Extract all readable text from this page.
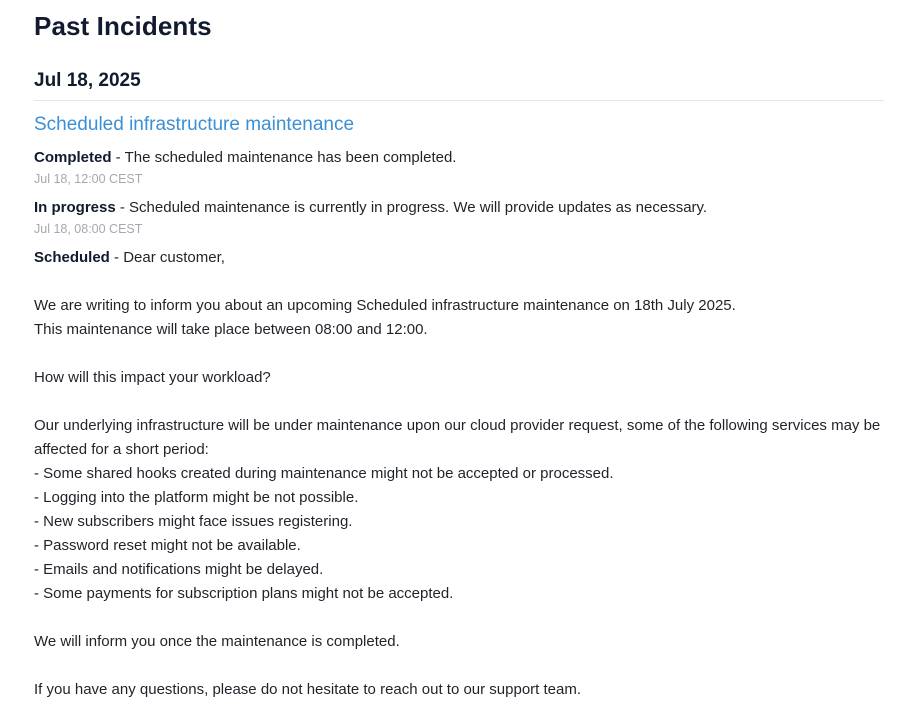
Past Incidents
Jul 18, 2025
Scheduled infrastructure maintenance
Completed - The scheduled maintenance has been completed.
Jul 18, 12:00 CEST
In progress - Scheduled maintenance is currently in progress. We will provide updates as necessary.
Jul 18, 08:00 CEST
Scheduled - Dear customer,

We are writing to inform you about an upcoming Scheduled infrastructure maintenance on 18th July 2025.
This maintenance will take place between 08:00 and 12:00.

How will this impact your workload?

Our underlying infrastructure will be under maintenance upon our cloud provider request, some of the following services may be affected for a short period:
- Some shared hooks created during maintenance might not be accepted or processed.
- Logging into the platform might be not possible.
- New subscribers might face issues registering.
- Password reset might not be available.
- Emails and notifications might be delayed.
- Some payments for subscription plans might not be accepted.

We will inform you once the maintenance is completed.

If you have any questions, please do not hesitate to reach out to our support team.
